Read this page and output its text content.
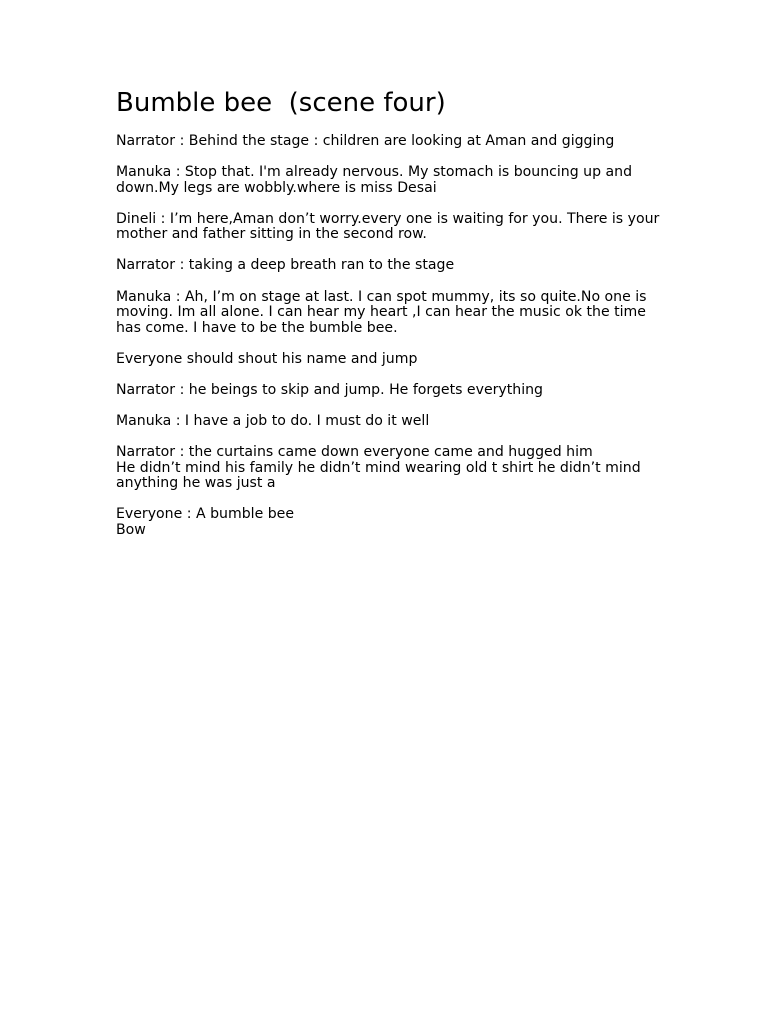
Bumble bee  (scene four)

Narrator : Behind the stage : children are looking at Aman and gigging

Manuka : Stop that. I'm already nervous. My stomach is bouncing up and down.My legs are wobbly.where is miss Desai

Dineli : I’m here,Aman don’t worry.every one is waiting for you. There is your mother and father sitting in the second row.

Narrator : taking a deep breath ran to the stage

Manuka : Ah, I’m on stage at last. I can spot mummy, its so quite.No one is moving. Im all alone. I can hear my heart ,I can hear the music ok the time has come. I have to be the bumble bee.

Everyone should shout his name and jump

Narrator : he beings to skip and jump. He forgets everything

Manuka : I have a job to do. I must do it well

Narrator : the curtains came down everyone came and hugged him
He didn’t mind his family he didn’t mind wearing old t shirt he didn’t mind anything he was just a

Everyone : A bumble bee
Bow
